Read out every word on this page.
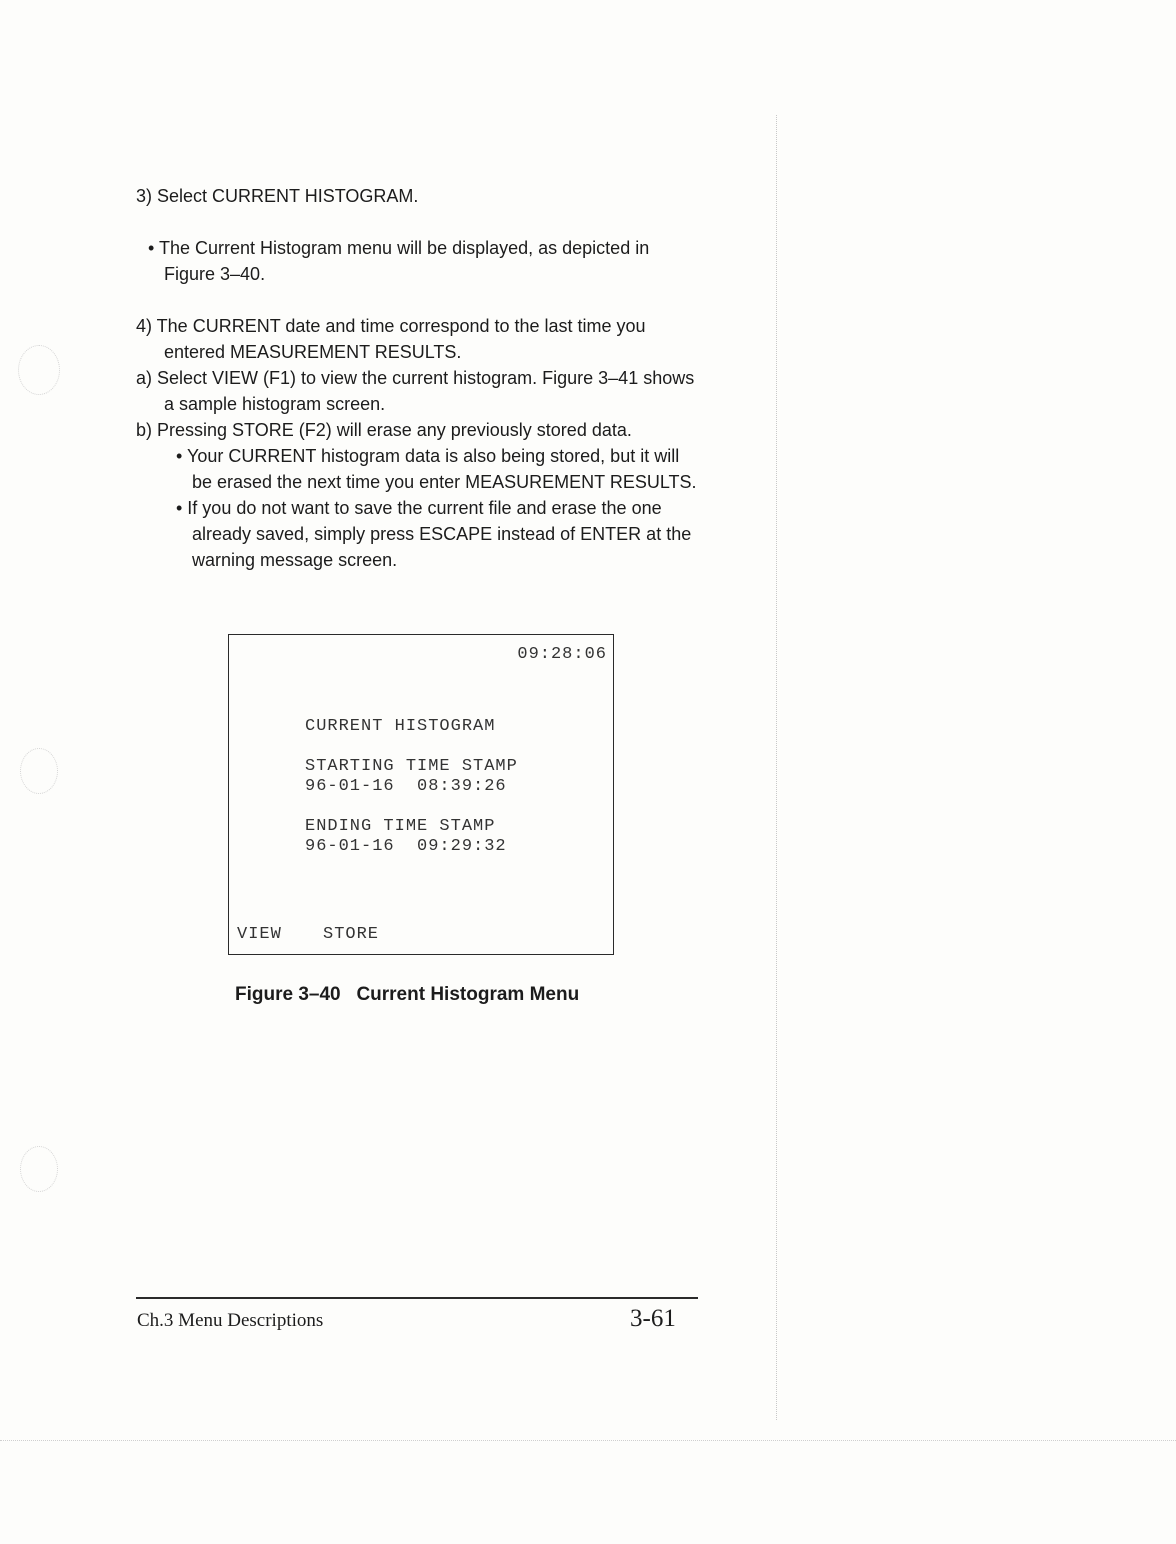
3) Select CURRENT HISTOGRAM.

• The Current Histogram menu will be displayed, as depicted in Figure 3–40.

4) The CURRENT date and time correspond to the last time you entered MEASUREMENT RESULTS.

a) Select VIEW (F1) to view the current histogram. Figure 3–41 shows a sample histogram screen.

b) Pressing STORE (F2) will erase any previously stored data.

• Your CURRENT histogram data is also being stored, but it will be erased the next time you enter MEASUREMENT RESULTS.

• If you do not want to save the current file and erase the one already saved, simply press ESCAPE instead of ENTER at the warning message screen.

09:28:06
CURRENT HISTOGRAM
STARTING TIME STAMP
96-01-16  08:39:26
ENDING TIME STAMP
96-01-16  09:29:32
VIEW STORE
Figure 3–40   Current Histogram Menu
Ch.3 Menu Descriptions	3-61
